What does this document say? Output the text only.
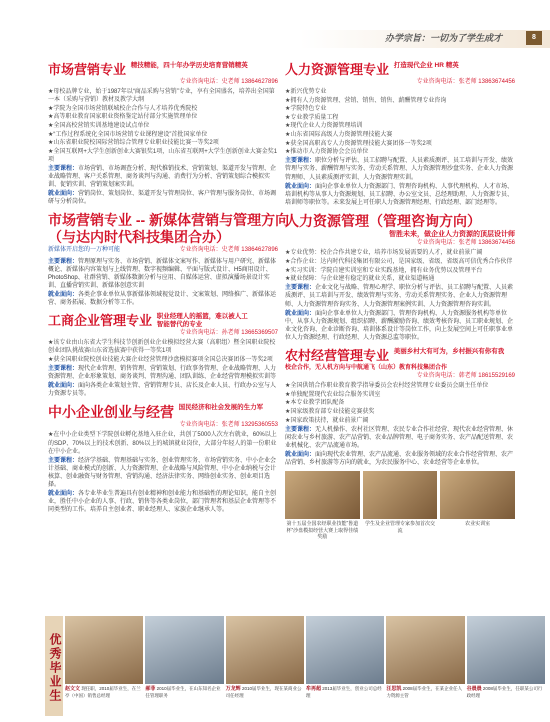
办学宗旨：一切为了学生成才	8
市场营销专业 精技精能，四十年办学历史培育营销精英
专业咨询电话：史老师 13864627896
★母校品牌专业，始于1987年以“商品采购与营销”专业，享有全国盛名，培养出全国第一本（采购与营销）教材及教学大纲
★学院为全国市场营销联城校企合作与人才培养优秀院校
★高等职业教育国家职业资格鉴定站付部分实施管理单位
★全国高校营销实训基地建设试点单位
★“工作过程系统化全国市场营销专业课程建设”首批国家单位
★山东省职业院校国际营销综合管理专业职业技能比赛一等奖2项
★全国互联网+大学生创新创业大赛银奖1项，山东省互联网+大学生创新创业大赛金奖1项
主要课程：市场营销、市场调查分析、现代推销技术、营销策划、渠道开发与管理、企业战略管理、客户关系管理、商务谈判与沟通、消费行为分析、营销策划综合模拟实训、促销实训、营销策划案实训。
就业面向：营销岗位、策划岗位、渠道开发与管理岗位、客户管理与服务岗位、市场调研与分析岗位。
市场营销专业 -- 新媒体营销与管理方向
（与达内时代科技集团合办）
新媒体开启您的一万种可能	专业咨询电话：史老师 13864627896
主要课程：管理原理与实务、市场营销、新媒体文案写作、新媒体与用户研究、新媒体概论、新媒体内容策划与上线管理、数字视频编辑、平面与版式设计、H5商用设计、PhotoShop、社群营销、新媒体数据分析与应用、自媒体运营、虚拟演播场景设计实训、直播营销实训、新媒体创意实训
就业面向：各类企事业单位从事新媒体领域视觉设计、文案策划、网络推广、新媒体运营、商务拓展、数据分析等工作。
工商企业管理专业 职业经理人的摇篮，难以被人工智能替代的专业
专业咨询电话：孙老师 13665369507
★该专业由山东省大学生科技节创新创业企业模拟经营大赛（高职组）暨全国职业院校创业团队挑战赛山东省选拔赛中获得一等奖1项
★获全国职业院校创业技能大赛企业经营管理沙盘模拟赛项全国总决赛团体一等奖2项
主要课程：现代企业管理、销售管理、营销策划、行政事务管理、企业战略管理、人力资源管理、企业形象策划、商务谈判、管理沟通、团队训练、企业经营管理模拟实训等
就业面向：面向各类企业策划主管、营销管理专员、店长及企业人员、行政办公室与人力资源专员等。
中小企业创业与经营 国民经济和社会发展的生力军
专业咨询电话：张老师 13295360553
★在中小企业类型下学院创业孵化基地入驻企业，共创了5000人次左右就业，60%以上的SDP、70%以上的技术创新、80%以上的城镇就业岗位，大部分年轻人的第一份职业在中小企业。
主要课程：经济学基础、管理基础与实务、创业管理实务、市场营销实务、中小企业会计基础、商业模式的创新、人力资源管理、企业战略与风险管理、中小企业纳税与会计核算、创业融资与财务管理、营销沟通、经济法律实务、网络创业实务、创业项目选择。
就业面向：各专业毕业生普遍具有创业精神和创业能力和基础性的理论知识，能自主创业，胜任中小企业的人事、行政、销售等各类业岗位，部门管理者和基层企业管理等不同类型的工作。培养自主创业者、职业经理人、家族企业继承人等。
人力资源管理专业 打造现代企业 HR 精英
专业咨询电话：张老师 13863674456
★新兴优势专业
★拥有人力资源管理、营销、销售、销售、薪酬管理专业咨询
★学院特色专业
★专业教学质量工程
★现代企业人力资源管理培训
★山东省国际高级人力资源管理技能大赛
★获全国高职高专人力资源管理技能大赛团体一等奖2项
★推动市人力资源协会会员单位
主要课程：职位分析与评估、员工招聘与配置、人员素质测评、员工培训与开发、绩效管理与实务、薪酬管理与实务、劳动关系管理、人力资源管理沙盘实务、企业人力资源管理师、人员素质测评实训、人力资源管理实训。
就业面向：面向企事业单位人力资源部门、管理咨询机构、人事代理机构、人才市场、培训机构等从事人力资源规划、员工招聘、办公室文员、总经理助理、人力资源专员、培训师等职位等。未来发展上可任职人力资源管理经理、行政经理、部门经理等。
人力资源管理（管理咨询方向）
智胜未来，做企业人力资源的顶层设计师
专业咨询电话：张老师 13863674456
★专业优势：校企合作共建专业，培养市场发展需要的人才，就业前景广阔
★合作企业：达内时代科技集团有限公司，是国家级、省级、省级高可信优秀合作伙伴
★实习实训：学院自建实训室和专业实践基地，拥有业务优势以及管理平台
★就业保障：与企业建有稳定的就业关系，就业渠道畅通
主要课程：企业文化与战略、管理心理学、职位分析与评估、员工招聘与配置、人员素质测评、员工培训与开发、绩效管理与实务、劳动关系管理实务、企业人力资源管理师、人力资源管理咨询实务、人力资源管理案例实训、人力资源管理咨询实训。
就业面向：面向企事业单位人力资源部门、管理咨询机构、人力资源服务机构等单位中，从事人力资源规划、组织招聘、薪酬激励咨询、绩效考核咨询、员工职业规划、企业文化咨询、企业诊断咨询、培训体系设计等岗位工作，向上发展空间上可任职事业单位人力资源经理、行政经理、人力资源总监等职位。
农村经营管理专业 美丽乡村大有可为，乡村振兴有你有我
校企合作，无人机方向与中航通飞（山东）教育科技集团合作
专业咨询电话：韩老师 18615529169
★全国供销合作职业教育教学指导委员会农村经营管理专业委员会副主任单位
★单独配置现代农业综合服务实训室
★本专业教学团队配备
★国家级教育部专业技能竞赛获奖
★国家政策扶持，就业前景广阔
主要课程：无人机操作、农村社区管理、农民专业合作社经营、现代农业经营管理、休闲农业与乡村旅游、农产品营销、农业品牌管理、电子商务实务、农产品配送管理、农业机械化、农产品流通市场。
就业面向：面向现代农业管理、农产品流通、农业服务领域的农业合作经营管理、农产品营销、乡村旅游等方向的就业，为农民服务中心、农业经营等企业单位。
第十五届全国农经职业技能“鲁道杯”沙盘模拟经营大赛上取得佳绩奖励
学生及企业管理专家参加首次交流
农业实训室
优秀毕业生 赵文文 现任职，2010届毕业生，在兰亭（中国）销售总经理
郝菲 2010届毕业生，在山东知名企业任管理职务
万龙辉 2010届毕业生，现在某商业公司任经理
牟再超 2013届毕业生，创业公司总经理
汪思凯 2008届毕业生，在某企业任人力资源主管
谷晨晨 2008届毕业生，任职某公司行政经理
